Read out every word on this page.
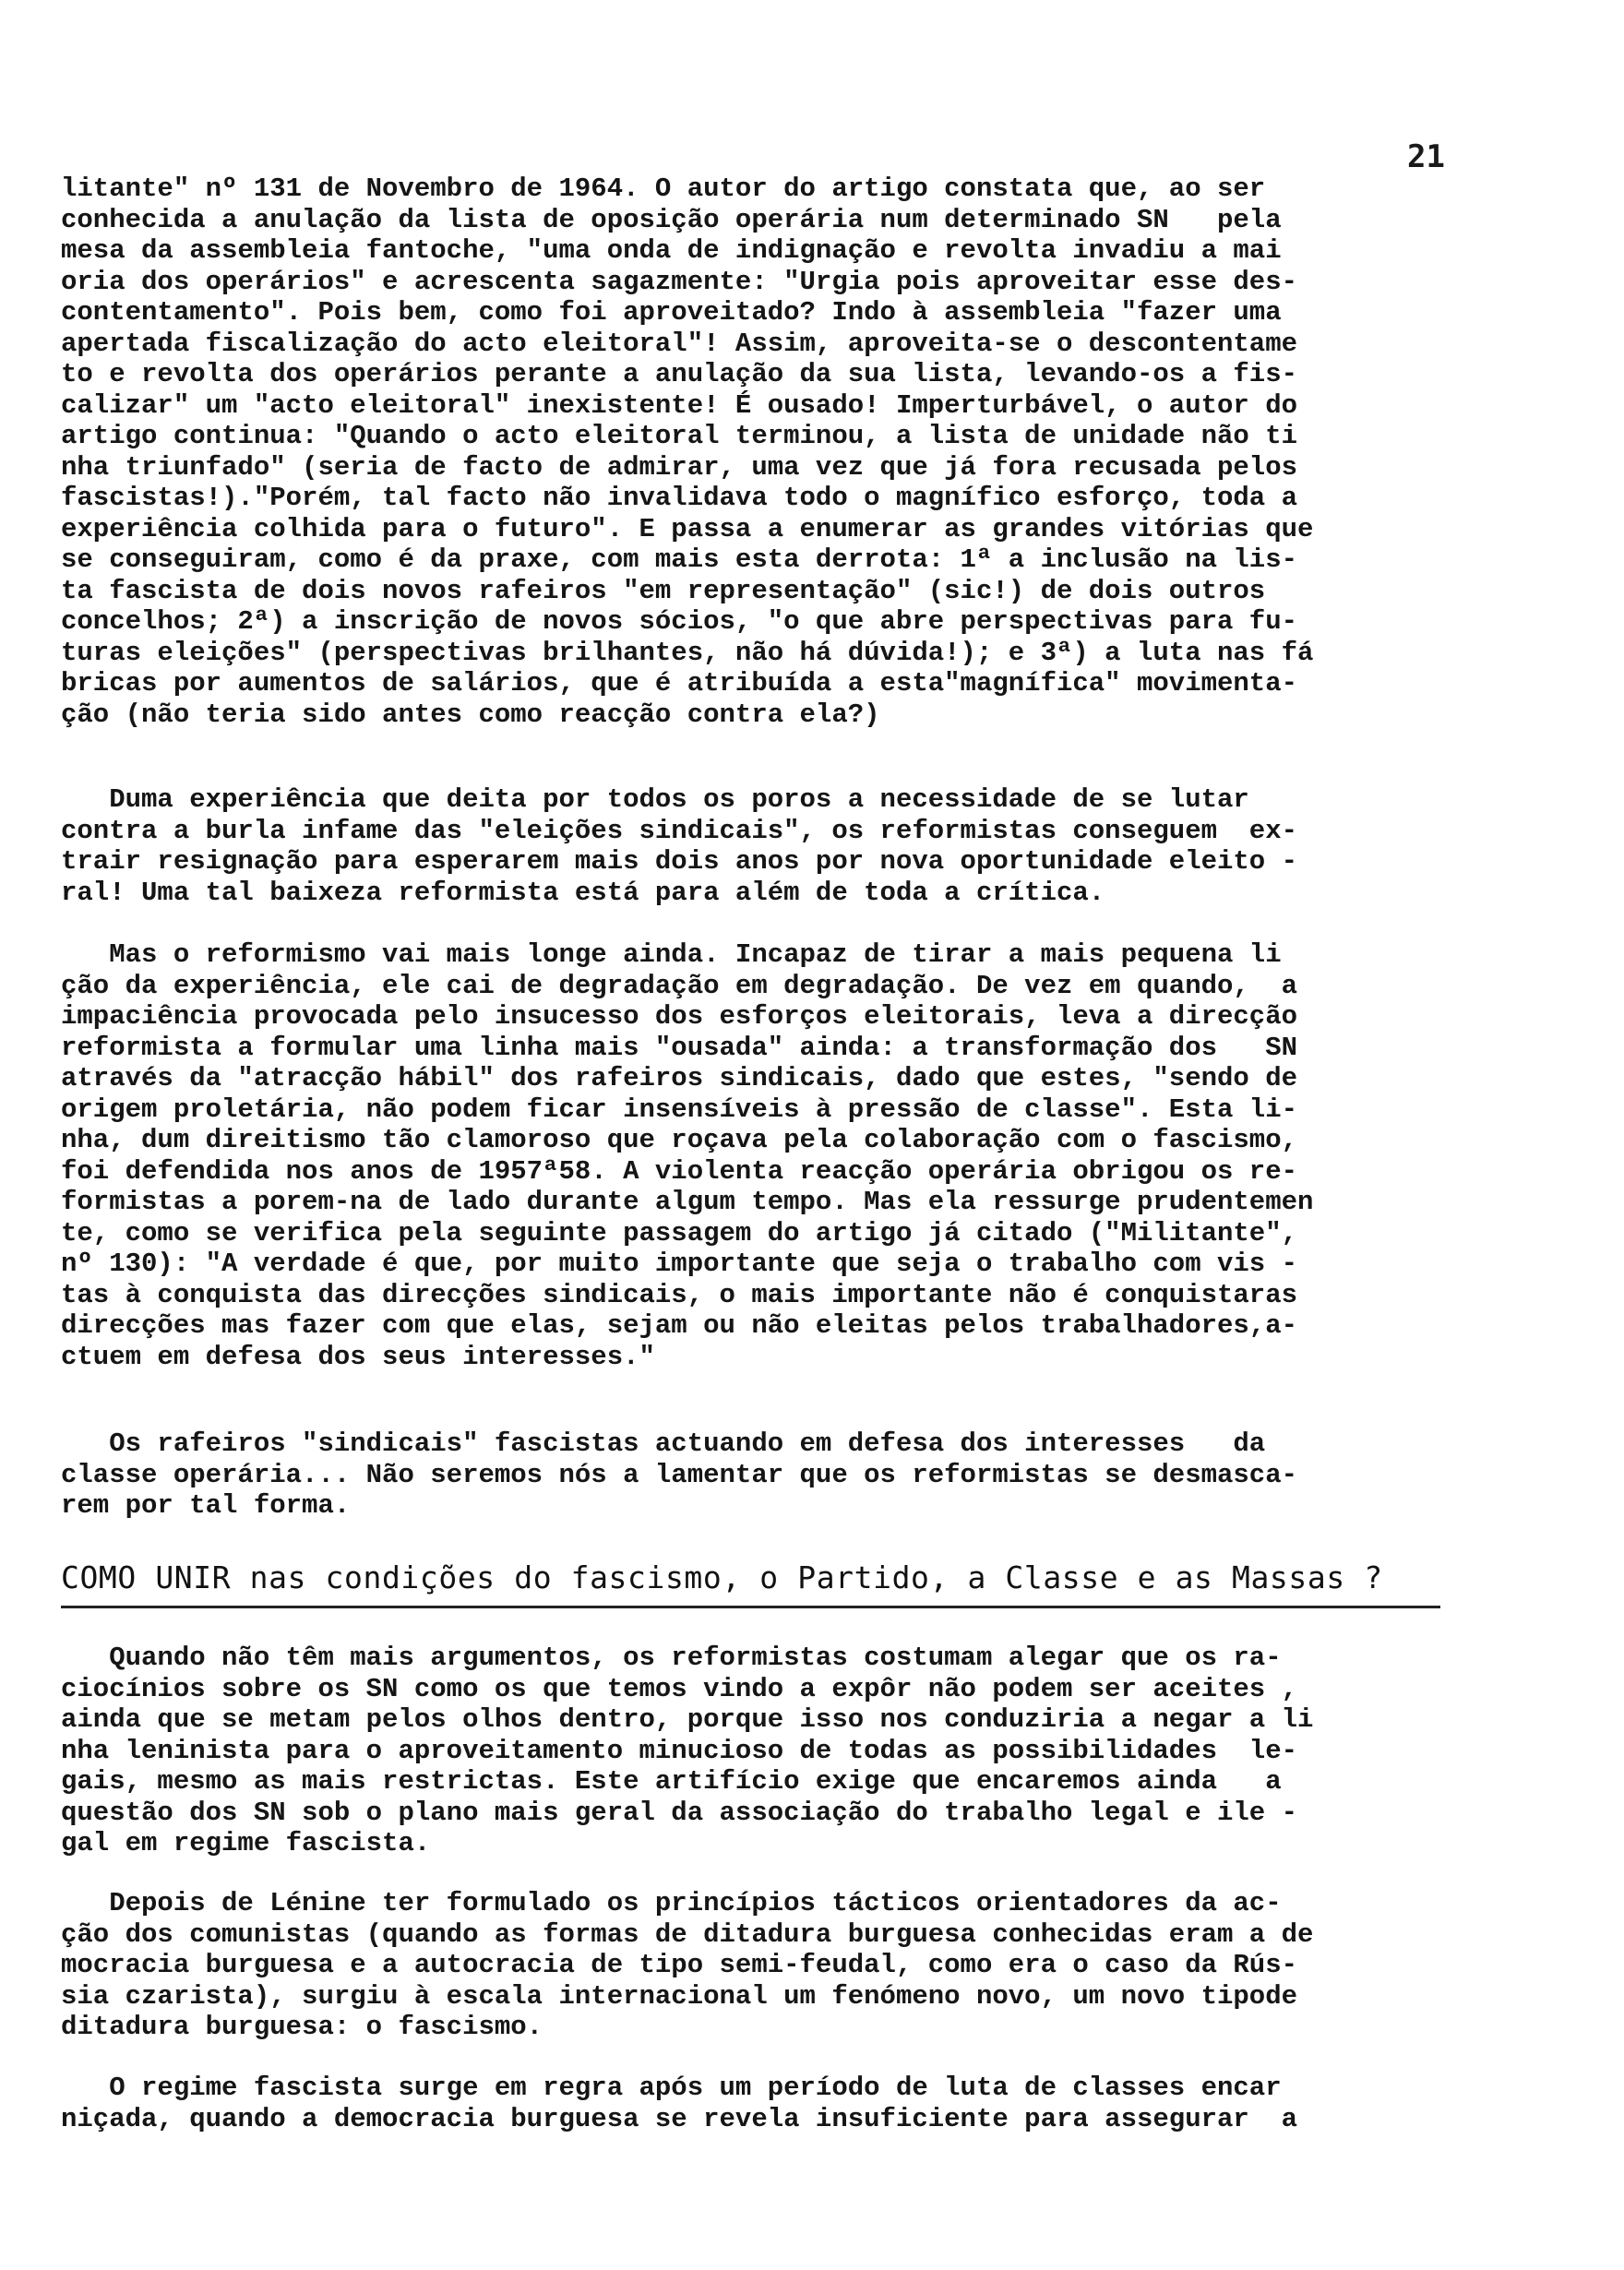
21

litante" nº 131 de Novembro de 1964. O autor do artigo constata que, ao ser
conhecida a anulação da lista de oposição operária num determinado SN   pela
mesa da assembleia fantoche, "uma onda de indignação e revolta invadiu a mai
oria dos operários" e acrescenta sagazmente: "Urgia pois aproveitar esse des-
contentamento". Pois bem, como foi aproveitado? Indo à assembleia "fazer uma
apertada fiscalização do acto eleitoral"! Assim, aproveita-se o descontentame
to e revolta dos operários perante a anulação da sua lista, levando-os a fis-
calizar" um "acto eleitoral" inexistente! É ousado! Imperturbável, o autor do
artigo continua: "Quando o acto eleitoral terminou, a lista de unidade não ti
nha triunfado" (seria de facto de admirar, uma vez que já fora recusada pelos
fascistas!)."Porém, tal facto não invalidava todo o magnífico esforço, toda a
experiência colhida para o futuro". E passa a enumerar as grandes vitórias que
se conseguiram, como é da praxe, com mais esta derrota: 1ª a inclusão na lis-
ta fascista de dois novos rafeiros "em representação" (sic!) de dois outros
concelhos; 2ª) a inscrição de novos sócios, "o que abre perspectivas para fu-
turas eleições" (perspectivas brilhantes, não há dúvida!); e 3ª) a luta nas fá
bricas por aumentos de salários, que é atribuída a esta"magnífica" movimenta-
ção (não teria sido antes como reacção contra ela?)

Duma experiência que deita por todos os poros a necessidade de se lutar
contra a burla infame das "eleições sindicais", os reformistas conseguem  ex-
trair resignação para esperarem mais dois anos por nova oportunidade eleito -
ral! Uma tal baixeza reformista está para além de toda a crítica.

Mas o reformismo vai mais longe ainda. Incapaz de tirar a mais pequena li
ção da experiência, ele cai de degradação em degradação. De vez em quando,  a
impaciência provocada pelo insucesso dos esforços eleitorais, leva a direcção
reformista a formular uma linha mais "ousada" ainda: a transformação dos   SN
através da "atracção hábil" dos rafeiros sindicais, dado que estes, "sendo de
origem proletária, não podem ficar insensíveis à pressão de classe". Esta li-
nha, dum direitismo tão clamoroso que roçava pela colaboração com o fascismo,
foi defendida nos anos de 1957ª58. A violenta reacção operária obrigou os re-
formistas a porem-na de lado durante algum tempo. Mas ela ressurge prudentemen
te, como se verifica pela seguinte passagem do artigo já citado ("Militante",
nº 130): "A verdade é que, por muito importante que seja o trabalho com vis -
tas à conquista das direcções sindicais, o mais importante não é conquistaras
direcções mas fazer com que elas, sejam ou não eleitas pelos trabalhadores,a-
ctuem em defesa dos seus interesses."

Os rafeiros "sindicais" fascistas actuando em defesa dos interesses   da
classe operária... Não seremos nós a lamentar que os reformistas se desmasca-
rem por tal forma.

COMO UNIR nas condições do fascismo, o Partido, a Classe e as Massas ?

Quando não têm mais argumentos, os reformistas costumam alegar que os ra-
ciocínios sobre os SN como os que temos vindo a expôr não podem ser aceites ,
ainda que se metam pelos olhos dentro, porque isso nos conduziria a negar a li
nha leninista para o aproveitamento minucioso de todas as possibilidades  le-
gais, mesmo as mais restrictas. Este artifício exige que encaremos ainda   a
questão dos SN sob o plano mais geral da associação do trabalho legal e ile -
gal em regime fascista.

Depois de Lénine ter formulado os princípios tácticos orientadores da ac-
ção dos comunistas (quando as formas de ditadura burguesa conhecidas eram a de
mocracia burguesa e a autocracia de tipo semi-feudal, como era o caso da Rús-
sia czarista), surgiu à escala internacional um fenómeno novo, um novo tipode
ditadura burguesa: o fascismo.

O regime fascista surge em regra após um período de luta de classes encar
niçada, quando a democracia burguesa se revela insuficiente para assegurar  a
